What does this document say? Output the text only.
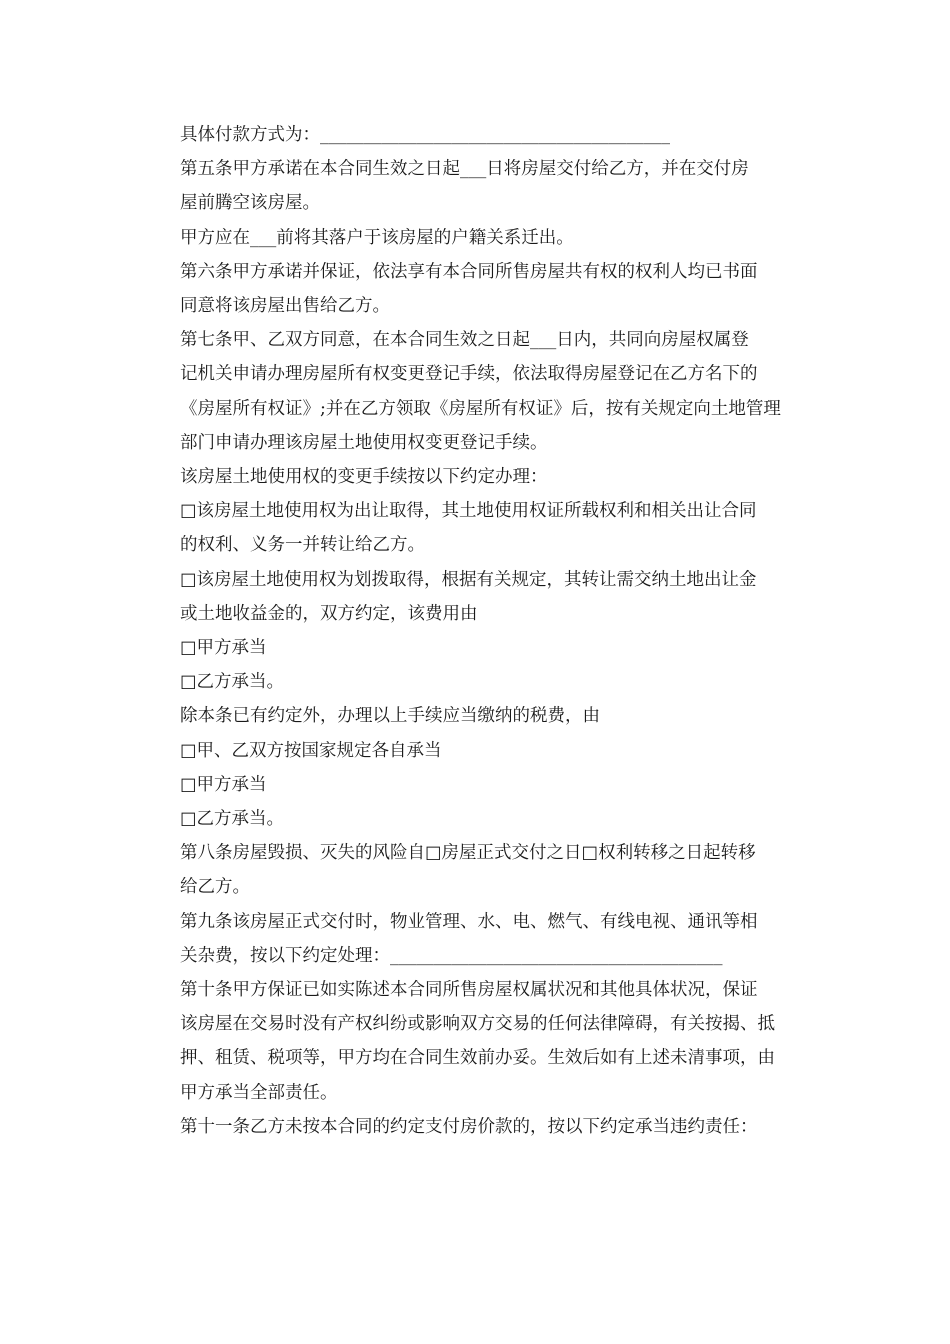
具体付款方式为：________________________________________

第五条甲方承诺在本合同生效之日起___日将房屋交付给乙方，并在交付房
屋前腾空该房屋。

甲方应在___前将其落户于该房屋的户籍关系迁出。

第六条甲方承诺并保证，依法享有本合同所售房屋共有权的权利人均已书面
同意将该房屋出售给乙方。

第七条甲、乙双方同意，在本合同生效之日起___日内，共同向房屋权属登
记机关申请办理房屋所有权变更登记手续，依法取得房屋登记在乙方名下的
《房屋所有权证》;并在乙方领取《房屋所有权证》后，按有关规定向土地管理
部门申请办理该房屋土地使用权变更登记手续。

该房屋土地使用权的变更手续按以下约定办理：

□该房屋土地使用权为出让取得，其土地使用权证所载权利和相关出让合同
的权利、义务一并转让给乙方。

□该房屋土地使用权为划拨取得，根据有关规定，其转让需交纳土地出让金
或土地收益金的，双方约定，该费用由

□甲方承当

□乙方承当。

除本条已有约定外，办理以上手续应当缴纳的税费，由

□甲、乙双方按国家规定各自承当

□甲方承当

□乙方承当。

第八条房屋毁损、灭失的风险自□房屋正式交付之日□权利转移之日起转移
给乙方。

第九条该房屋正式交付时，物业管理、水、电、燃气、有线电视、通讯等相
关杂费，按以下约定处理：______________________________________

第十条甲方保证已如实陈述本合同所售房屋权属状况和其他具体状况，保证
该房屋在交易时没有产权纠纷或影响双方交易的任何法律障碍，有关按揭、抵
押、租赁、税项等，甲方均在合同生效前办妥。生效后如有上述未清事项，由
甲方承当全部责任。

第十一条乙方未按本合同的约定支付房价款的，按以下约定承当违约责任：
